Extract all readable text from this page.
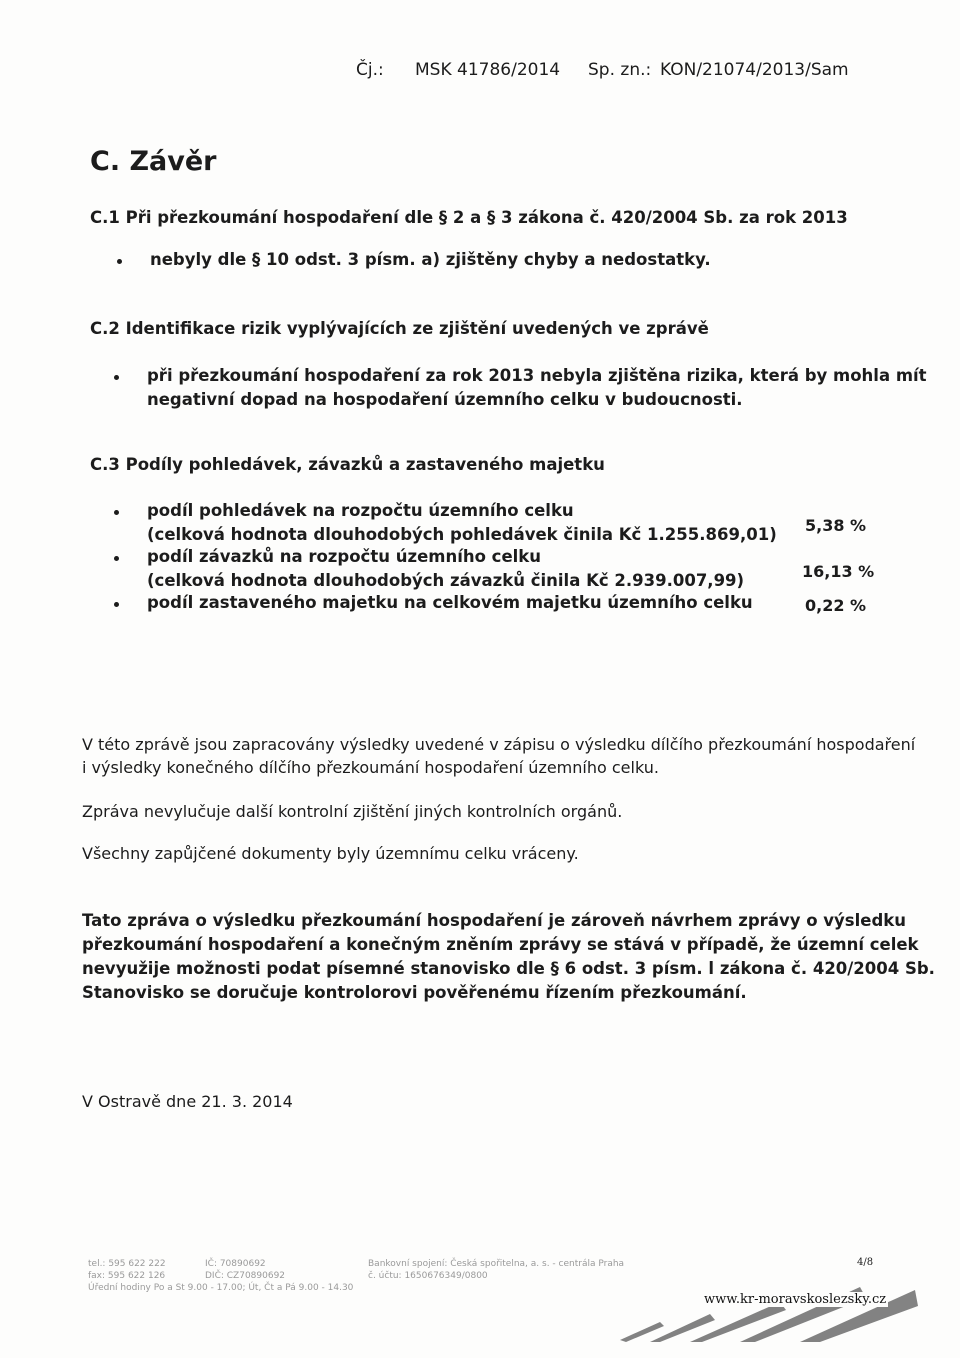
Čj.: MSK 41786/2014 Sp. zn.: KON/21074/2013/Sam
C. Závěr
C.1 Při přezkoumání hospodaření dle § 2 a § 3 zákona č. 420/2004 Sb. za rok 2013
nebyly dle § 10 odst. 3 písm. a) zjištěny chyby a nedostatky.
C.2 Identifikace rizik vyplývajících ze zjištění uvedených ve zprávě
při přezkoumání hospodaření za rok 2013 nebyla zjištěna rizika, která by mohla mít
negativní dopad na hospodaření územního celku v budoucnosti.
C.3 Podíly pohledávek, závazků a zastaveného majetku
podíl pohledávek na rozpočtu územního celku
(celková hodnota dlouhodobých pohledávek činila Kč 1.255.869,01) 5,38 %
podíl závazků na rozpočtu územního celku
(celková hodnota dlouhodobých závazků činila Kč 2.939.007,99)	16,13 %
podíl zastaveného majetku na celkovém majetku územního celku	0,22 %
V této zprávě jsou zapracovány výsledky uvedené v zápisu o výsledku dílčího přezkoumání hospodaření
i výsledky konečného dílčího přezkoumání hospodaření územního celku.
Zpráva nevylučuje další kontrolní zjištění jiných kontrolních orgánů.
Všechny zapůjčené dokumenty byly územnímu celku vráceny.
Tato zpráva o výsledku přezkoumání hospodaření je zároveň návrhem zprávy o výsledku
přezkoumání hospodaření a konečným zněním zprávy se stává v případě, že územní celek
nevyužije možnosti podat písemné stanovisko dle § 6 odst. 3 písm. l zákona č. 420/2004 Sb.
Stanovisko se doručuje kontrolorovi pověřenému řízením přezkoumání.
V Ostravě dne 21. 3. 2014
tel.: 595 622 222
fax: 595 622 126
Úřední hodiny Po a St 9.00 - 17.00; Út, Čt a Pá 9.00 - 14.30
IČ: 70890692
DIČ: CZ70890692
Bankovní spojení: Česká spořitelna, a. s. - centrála Praha
č. účtu: 1650676349/0800
4/8
www.kr-moravskoslezsky.cz
